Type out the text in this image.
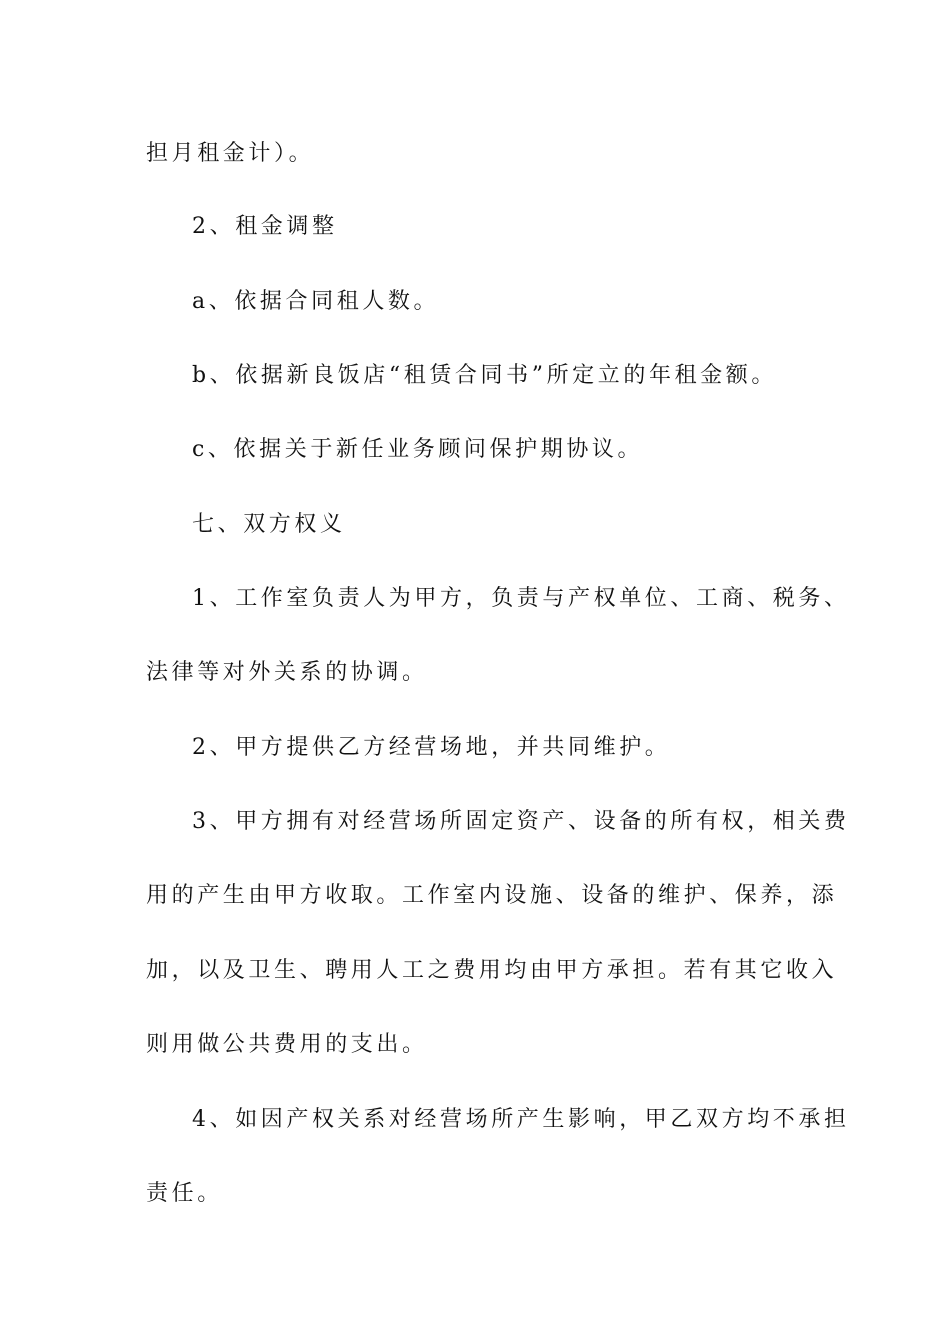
担月租金计）。
2、租金调整
a、依据合同租人数。
b、依据新良饭店“租赁合同书”所定立的年租金额。
c、依据关于新任业务顾问保护期协议。
七、双方权义
1、工作室负责人为甲方，负责与产权单位、工商、税务、
法律等对外关系的协调。
2、甲方提供乙方经营场地，并共同维护。
3、甲方拥有对经营场所固定资产、设备的所有权，相关费
用的产生由甲方收取。工作室内设施、设备的维护、保养，添
加，以及卫生、聘用人工之费用均由甲方承担。若有其它收入
则用做公共费用的支出。
4、如因产权关系对经营场所产生影响，甲乙双方均不承担
责任。
